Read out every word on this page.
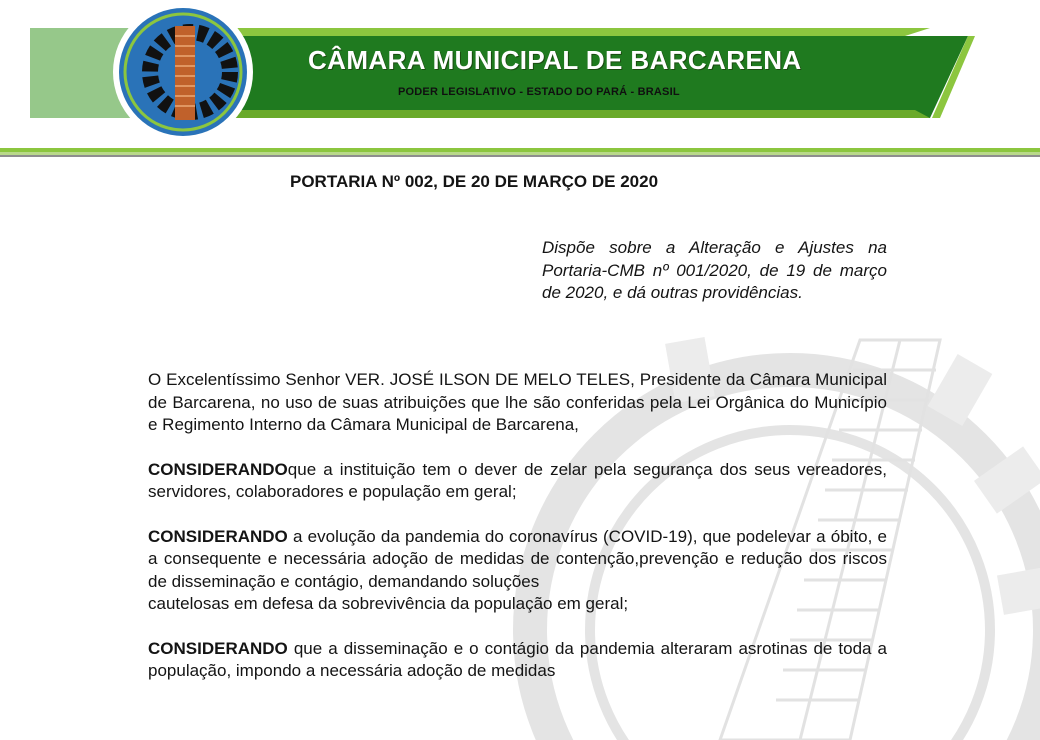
CÂMARA MUNICIPAL DE BARCARENA
PODER LEGISLATIVO - ESTADO DO PARÁ - BRASIL
PORTARIA Nº 002, DE 20 DE MARÇO DE 2020

Dispõe sobre a Alteração e Ajustes na Portaria-CMB nº 001/2020, de 19 de março de 2020, e dá outras providências.

O Excelentíssimo Senhor VER. JOSÉ ILSON DE MELO TELES, Presidente da Câmara Municipal de Barcarena, no uso de suas atribuições que lhe são conferidas pela Lei Orgânica do Município e Regimento Interno da Câmara Municipal de Barcarena,

CONSIDERANDOque a instituição tem o dever de zelar pela segurança dos seus vereadores, servidores, colaboradores e população em geral;

CONSIDERANDO a evolução da pandemia do coronavírus (COVID-19), que podelevar a óbito, e a consequente e necessária adoção de medidas de contenção,prevenção e redução dos riscos de disseminação e contágio, demandando soluções
cautelosas em defesa da sobrevivência da população em geral;

CONSIDERANDO que a disseminação e o contágio da pandemia alteraram asrotinas de toda a população, impondo a necessária adoção de medidas
